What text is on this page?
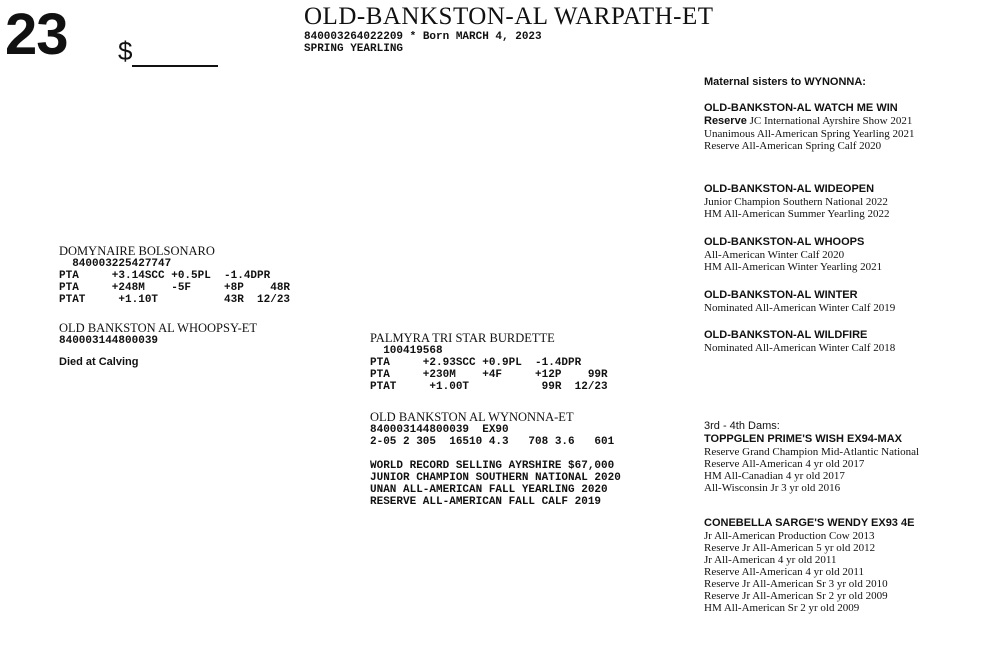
23 $
OLD-BANKSTON-AL WARPATH-ET
840003264022209 * Born MARCH 4, 2023
SPRING YEARLING
DOMYNAIRE BOLSONARO
840003225427747
PTA     +3.14SCC +0.5PL  -1.4DPR
PTA     +248M    -5F     +8P    48R
PTAT     +1.10T          43R  12/23
OLD BANKSTON AL WHOOPSY-ET
840003144800039
Died at Calving
PALMYRA TRI STAR BURDETTE
100419568
PTA     +2.93SCC +0.9PL  -1.4DPR
PTA     +230M    +4F     +12P    99R
PTAT     +1.00T           99R  12/23
OLD BANKSTON AL WYNONNA-ET
840003144800039  EX90
2-05 2 305  16510 4.3   708 3.6   601
WORLD RECORD SELLING AYRSHIRE $67,000
JUNIOR CHAMPION SOUTHERN NATIONAL 2020
UNAN ALL-AMERICAN FALL YEARLING 2020
RESERVE ALL-AMERICAN FALL CALF 2019
Maternal sisters to WYNONNA:
OLD-BANKSTON-AL WATCH ME WIN
Reserve JC International Ayrshire Show 2021
Unanimous All-American Spring Yearling 2021
Reserve All-American Spring Calf 2020
OLD-BANKSTON-AL WIDEOPEN
Junior Champion Southern National 2022
HM All-American Summer Yearling 2022
OLD-BANKSTON-AL WHOOPS
All-American Winter Calf 2020
HM All-American Winter Yearling 2021
OLD-BANKSTON-AL WINTER
Nominated All-American Winter Calf 2019
OLD-BANKSTON-AL WILDFIRE
Nominated All-American Winter Calf 2018
3rd - 4th Dams:
TOPPGLEN PRIME'S WISH EX94-MAX
Reserve Grand Champion Mid-Atlantic National
Reserve All-American 4 yr old 2017
HM All-Canadian 4 yr old 2017
All-Wisconsin Jr 3 yr old 2016
CONEBELLA SARGE'S WENDY EX93 4E
Jr All-American Production Cow 2013
Reserve Jr All-American 5 yr old 2012
Jr All-American 4 yr old 2011
Reserve All-American 4 yr old 2011
Reserve Jr All-American Sr 3 yr old 2010
Reserve Jr All-American Sr 2 yr old 2009
HM All-American Sr 2 yr old 2009
